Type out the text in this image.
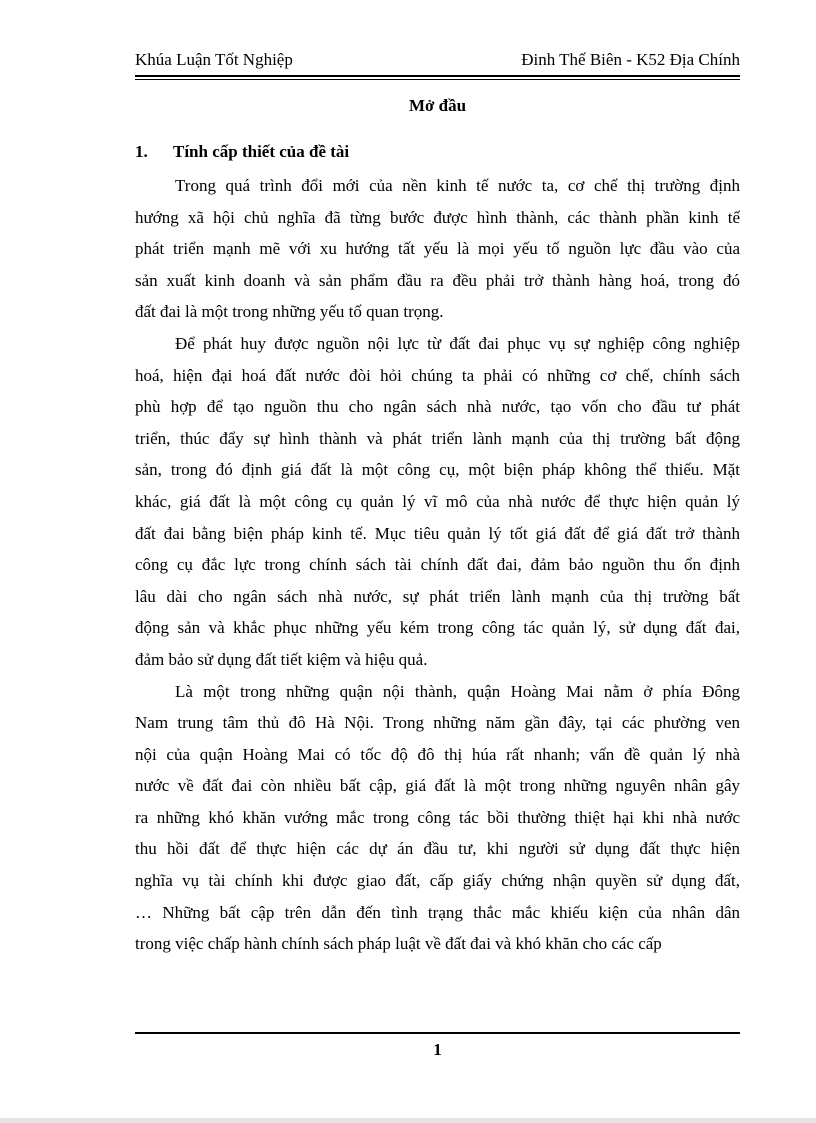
Khúa Luận Tốt Nghiệp	Đinh Thế Biên - K52 Địa Chính
Mở đầu
1. Tính cấp thiết của đề tài
Trong quá trình đổi mới của nền kinh tế nước ta, cơ chế thị trường định
hướng xã hội chủ nghĩa đã từng bước được hình thành, các thành phần kinh tế
phát triển mạnh mẽ với xu hướng tất yếu là mọi yếu tố nguồn lực đầu vào của
sản xuất kinh doanh và sản phẩm đầu ra đều phải trở thành hàng hoá, trong đó
đất đai là một trong những yếu tố quan trọng.
Để phát huy được nguồn nội lực từ đất đai phục vụ sự nghiệp công nghiệp
hoá, hiện đại hoá đất nước đòi hỏi chúng ta phải có những cơ chế, chính sách
phù hợp để tạo nguồn thu cho ngân sách nhà nước, tạo vốn cho đầu tư phát
triển, thúc đẩy sự hình thành và phát triển lành mạnh của thị trường bất động
sản, trong đó định giá đất là một công cụ, một biện pháp không thể thiếu. Mặt
khác, giá đất là một công cụ quản lý vĩ mô của nhà nước để thực hiện quản lý
đất đai bằng biện pháp kinh tế. Mục tiêu quản lý tốt giá đất để giá đất trở thành
công cụ đắc lực trong chính sách tài chính đất đai, đảm bảo nguồn thu ổn định
lâu dài cho ngân sách nhà nước, sự phát triển lành mạnh của thị trường bất
động sản và khắc phục những yếu kém trong công tác quản lý, sử dụng đất đai,
đảm bảo sử dụng đất tiết kiệm và hiệu quả.
Là một trong những quận nội thành, quận Hoàng Mai nằm ở phía Đông
Nam trung tâm thủ đô Hà Nội. Trong những năm gần đây, tại các phường ven
nội của quận Hoàng Mai có tốc độ đô thị húa rất nhanh; vấn đề quản lý nhà
nước về đất đai còn nhiều bất cập, giá đất là một trong những nguyên nhân gây
ra những khó khăn vướng mắc trong công tác bồi thường thiệt hại khi nhà nước
thu hồi đất để thực hiện các dự án đầu tư, khi người sử dụng đất thực hiện
nghĩa vụ tài chính khi được giao đất, cấp giấy chứng nhận quyền sử dụng đất,
… Những bất cập trên dẫn đến tình trạng thắc mắc khiếu kiện của nhân dân
trong việc chấp hành chính sách pháp luật về đất đai và khó khăn cho các cấp
1
